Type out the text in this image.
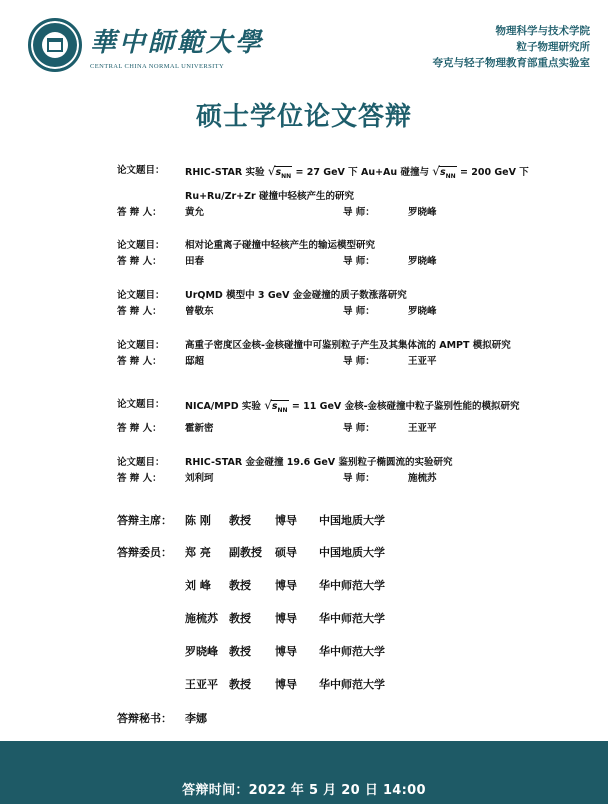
華中師範大學
CENTRAL CHINA NORMAL UNIVERSITY
物理科学与技术学院
粒子物理研究所
夸克与轻子物理教育部重点实验室
硕士学位论文答辩
论文题目： RHIC-STAR 实验 $√s_{NN} = 27$ GeV 下 Au+Au 碰撞与 $√s_{NN} = 200$ GeV 下
Ru+Ru/Zr+Zr 碰撞中轻核产生的研究
答 辩 人： 黄允	导 师：	罗晓峰
论文题目： 相对论重离子碰撞中轻核产生的输运模型研究
答 辩 人： 田春	导 师：	罗晓峰
论文题目： UrQMD 模型中 3 GeV 金金碰撞的质子数涨落研究
答 辩 人： 曾敬东	导 师：	罗晓峰
论文题目： 高重子密度区金核-金核碰撞中可鉴别粒子产生及其集体流的 AMPT 模拟研究
答 辩 人： 邸超	导 师：	王亚平
论文题目： NICA/MPD 实验 $√s_{NN} = 11$ GeV 金核-金核碰撞中粒子鉴别性能的模拟研究
答 辩 人： 霍新密	导 师：	王亚平
论文题目： RHIC-STAR 金金碰撞 19.6 GeV 鉴别粒子椭圆流的实验研究
答 辩 人： 刘利珂	导 师：	施梳苏
答辩主席： 陈 刚 教授 博导 中国地质大学
答辩委员： 郑 亮 副教授 硕导 中国地质大学
刘 峰 教授 博导 华中师范大学
施梳苏 教授 博导 华中师范大学
罗晓峰 教授 博导 华中师范大学
王亚平 教授 博导 华中师范大学
答辩秘书： 李娜
答辩时间：2022 年 5 月 20 日 14:00
